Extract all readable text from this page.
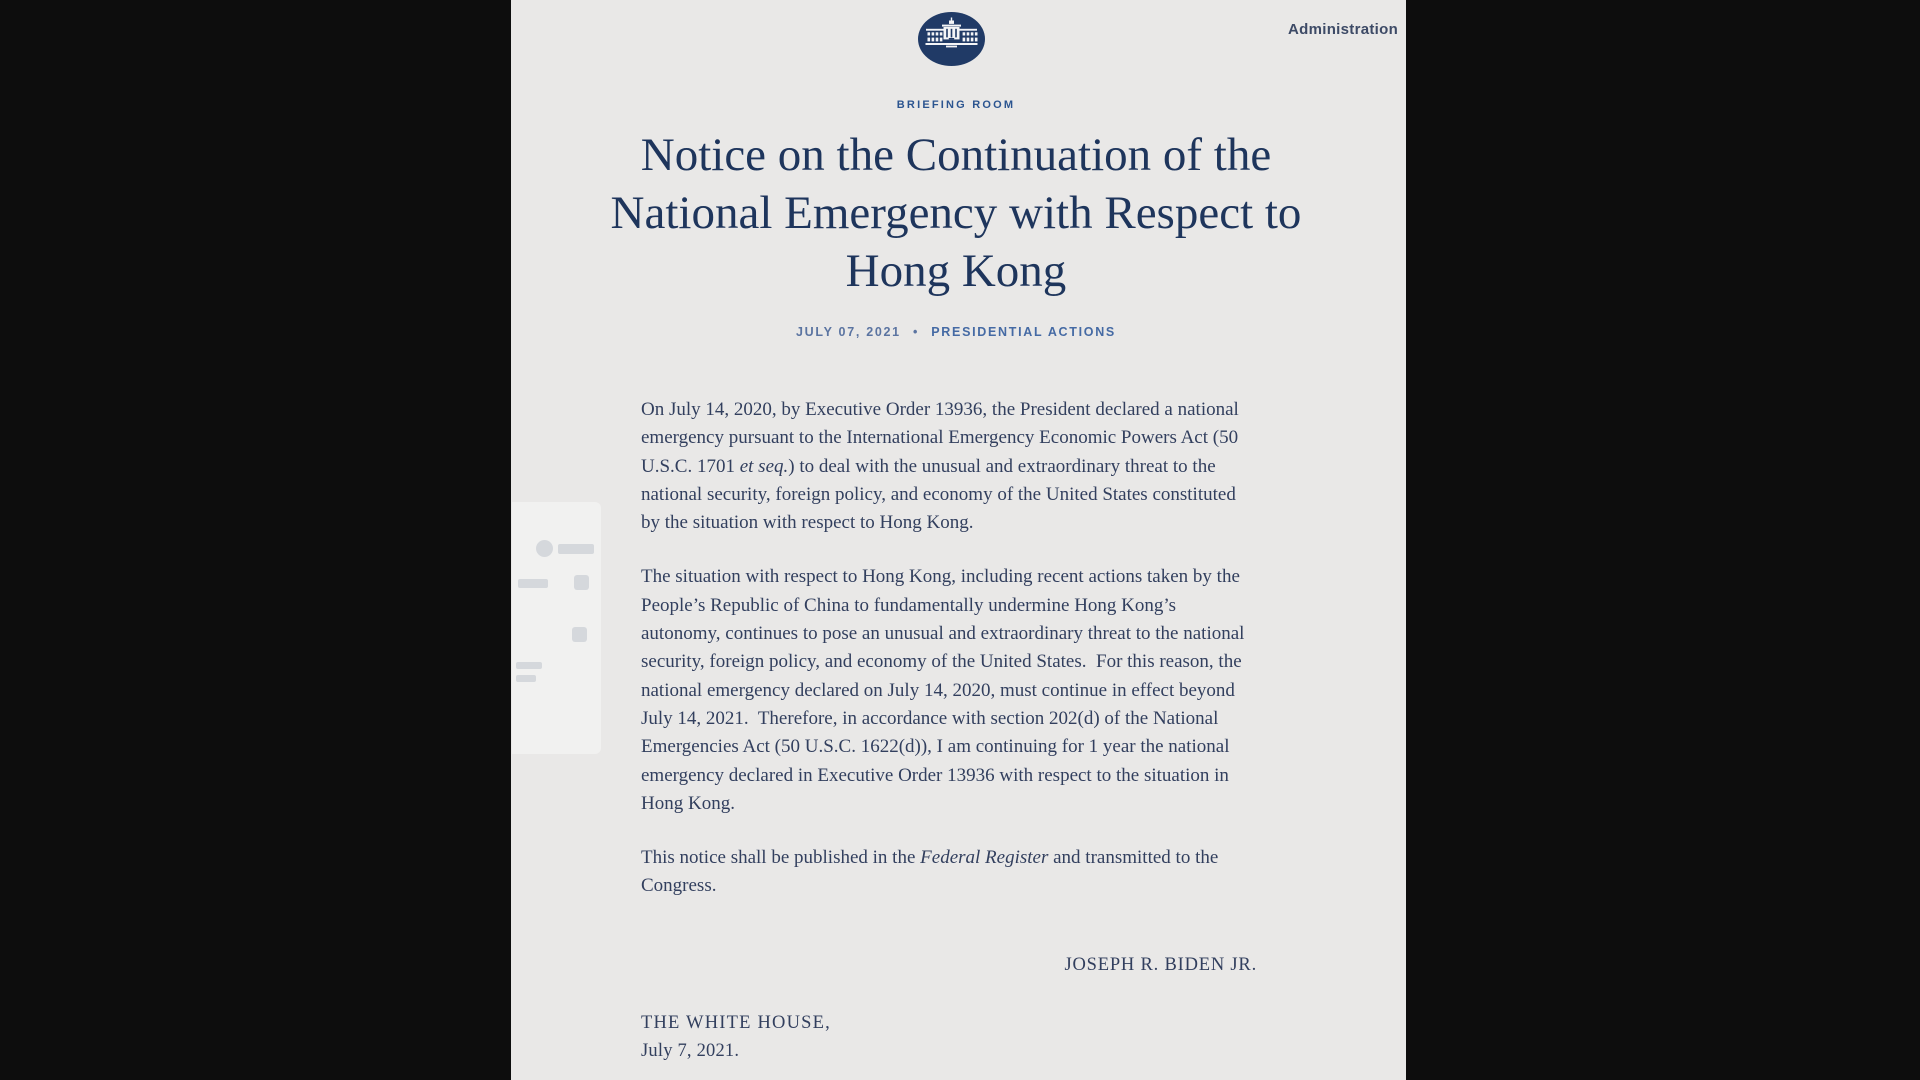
Administration
BRIEFING ROOM
Notice on the Continuation of the
National Emergency with Respect to
Hong Kong
JULY 07, 2021 • PRESIDENTIAL ACTIONS

On July 14, 2020, by Executive Order 13936, the President declared a national emergency pursuant to the International Emergency Economic Powers Act (50 U.S.C. 1701 et seq.) to deal with the unusual and extraordinary threat to the national security, foreign policy, and economy of the United States constituted by the situation with respect to Hong Kong.

The situation with respect to Hong Kong, including recent actions taken by the People’s Republic of China to fundamentally undermine Hong Kong’s autonomy, continues to pose an unusual and extraordinary threat to the national security, foreign policy, and economy of the United States.  For this reason, the national emergency declared on July 14, 2020, must continue in effect beyond July 14, 2021.  Therefore, in accordance with section 202(d) of the National Emergencies Act (50 U.S.C. 1622(d)), I am continuing for 1 year the national emergency declared in Executive Order 13936 with respect to the situation in Hong Kong.

This notice shall be published in the Federal Register and transmitted to the Congress.

JOSEPH R. BIDEN JR.
THE WHITE HOUSE,
July 7, 2021.
